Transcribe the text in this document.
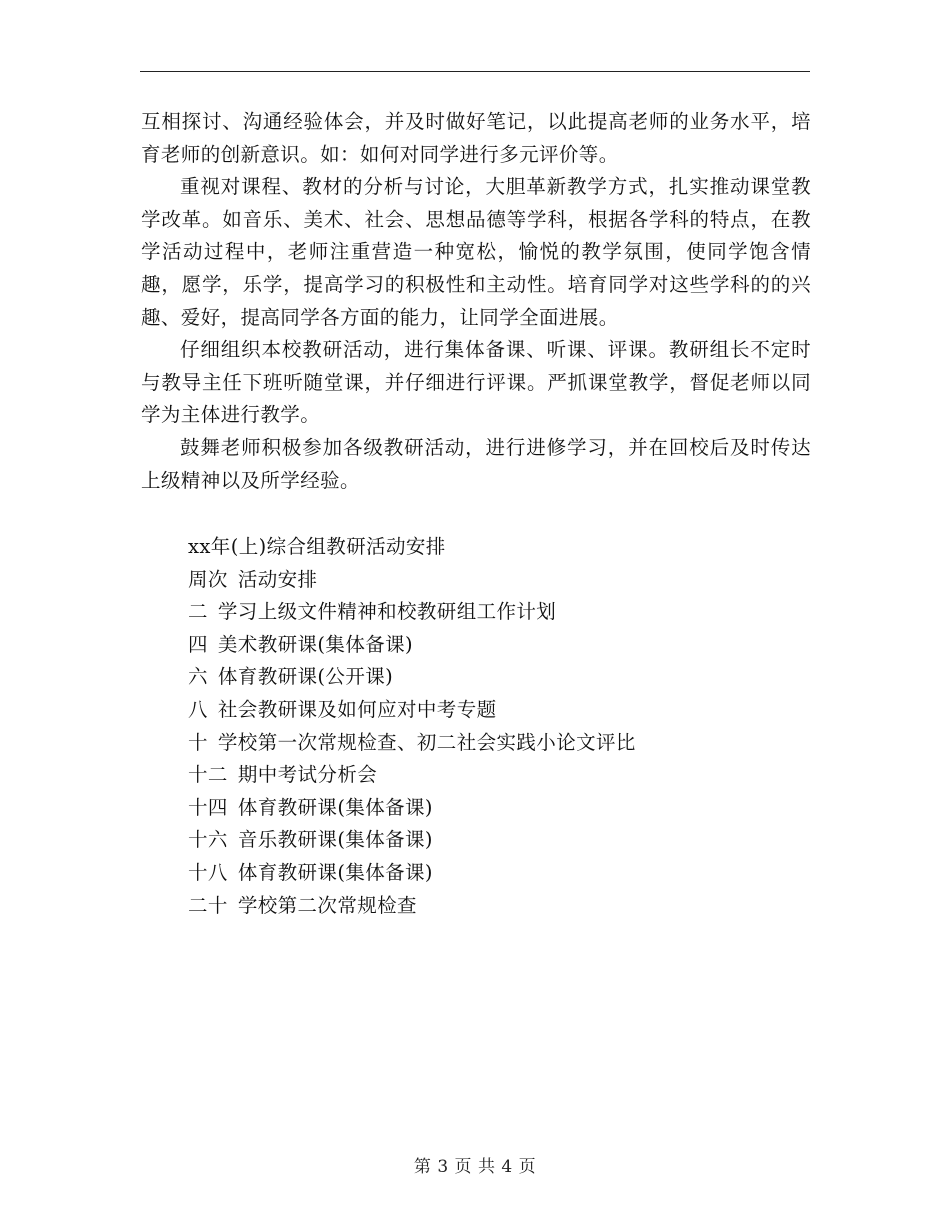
互相探讨、沟通经验体会，并及时做好笔记，以此提高老师的业务水平，培育老师的创新意识。如：如何对同学进行多元评价等。

重视对课程、教材的分析与讨论，大胆革新教学方式，扎实推动课堂教学改革。如音乐、美术、社会、思想品德等学科，根据各学科的特点，在教学活动过程中，老师注重营造一种宽松，愉悦的教学氛围，使同学饱含情趣，愿学，乐学，提高学习的积极性和主动性。培育同学对这些学科的的兴趣、爱好，提高同学各方面的能力，让同学全面进展。

仔细组织本校教研活动，进行集体备课、听课、评课。教研组长不定时与教导主任下班听随堂课，并仔细进行评课。严抓课堂教学，督促老师以同学为主体进行教学。

鼓舞老师积极参加各级教研活动，进行进修学习，并在回校后及时传达上级精神以及所学经验。

xx年(上)综合组教研活动安排
周次 活动安排
二 学习上级文件精神和校教研组工作计划
四 美术教研课(集体备课)
六 体育教研课(公开课)
八 社会教研课及如何应对中考专题
十 学校第一次常规检查、初二社会实践小论文评比
十二 期中考试分析会
十四 体育教研课(集体备课)
十六 音乐教研课(集体备课)
十八 体育教研课(集体备课)
二十 学校第二次常规检查
第 3 页 共 4 页
